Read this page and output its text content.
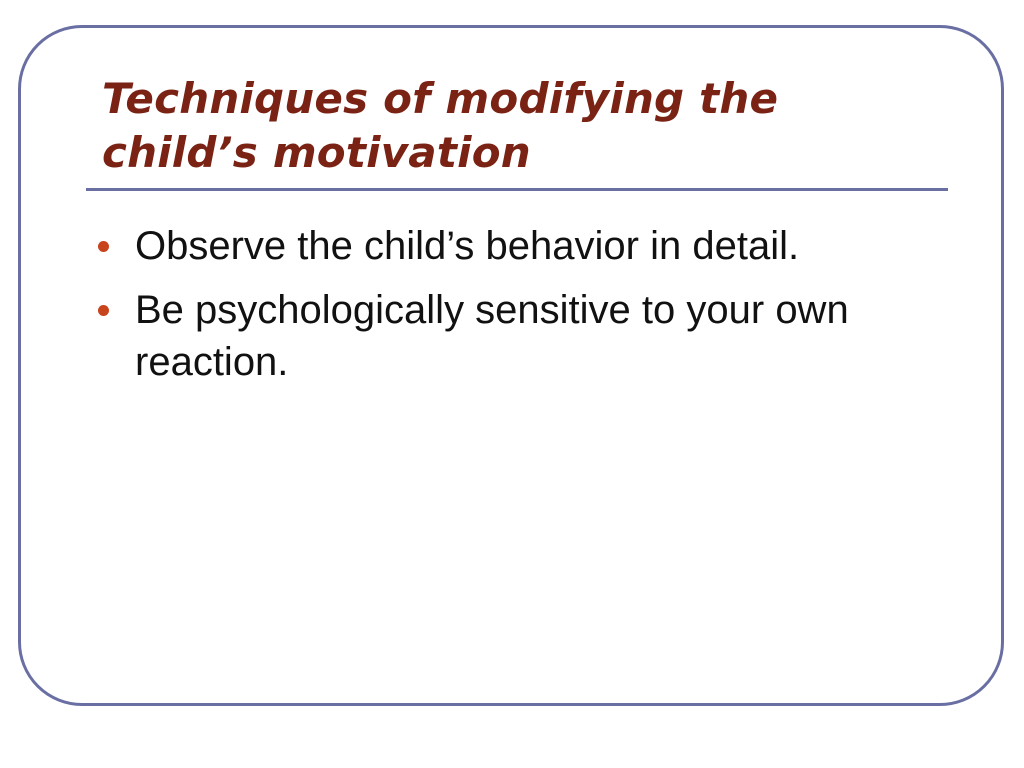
Techniques of modifying the child’s motivation
Observe the child’s behavior in detail.
Be psychologically sensitive to your own reaction.
